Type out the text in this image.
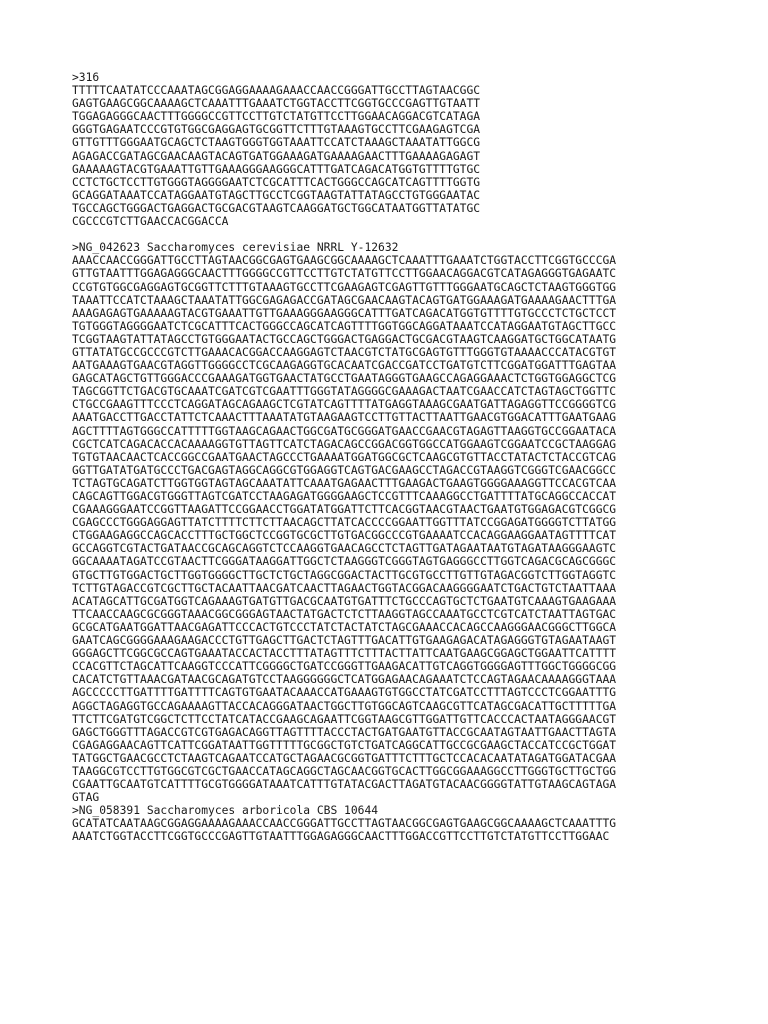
>316
TTTTTCAATATCCCAAATAGCGGAGGAAAAGAAACCAACCGGGATTGCCTTAGTAACGGC
GAGTGAAGCGGCAAAAGCTCAAATTTGAAATCTGGTACCTTCGGTGCCCGAGTTGTAATT
TGGAGAGGGCAACTTTGGGGCCGTTCCTTGTCTATGTTCCTTGGAACAGGACGTCATAGA
GGGTGAGAATCCCGTGTGGCGAGGAGTGCGGTTCTTTGTAAAGTGCCTTCGAAGAGTCGA
GTTGTTTGGGAATGCAGCTCTAAGTGGGTGGTAAATTCCATCTAAAGCTAAATATTGGCG
AGAGACCGATAGCGAACAAGTACAGTGATGGAAAGATGAAAAGAACTTTGAAAAGAGAGT
GAAAAAGTACGTGAAATTGTTGAAAGGGAAGGGCATTTGATCAGACATGGTGTTTTGTGC
CCTCTGCTCCTTGTGGGTAGGGGAATCTCGCATTTCACTGGGCCAGCATCAGTTTTGGTG
GCAGGATAAATCCATAGGAATGTAGCTTGCCTCGGTAAGTATTATAGCCTGTGGGAATAC
TGCCAGCTGGGACTGAGGACTGCGACGTAAGTCAAGGATGCTGGCATAATGGTTATATGC
CGCCCGTCTTGAACCACGGACCA
>NG_042623 Saccharomyces cerevisiae NRRL Y-12632
AAACCAACCGGGATTGCCTTAGTAACGGCGAGTGAAGCGGCAAAAGCTCAAATTTGAAATCTGGTACCTTCGGTGCCCGA
GTTGTAATTTGGAGAGGGCAACTTTGGGGCCGTTCCTTGTCTATGTTCCTTGGAACAGGACGTCATAGAGGGTGAGAATC
CCGTGTGGCGAGGAGTGCGGTTCTTTGTAAAGTGCCTTCGAAGAGTCGAGTTGTTTGGGAATGCAGCTCTAAGTGGGTGG
TAAATTCCATCTAAAGCTAAATATTGGCGAGAGACCGATAGCGAACAAGTACAGTGATGGAAAGATGAAAAGAACTTTGA
AAAGAGAGTGAAAAAGTACGTGAAATTGTTGAAAGGGAAGGGCATTTGATCAGACATGGTGTTTTGTGCCCTCTGCTCCT
TGTGGGTAGGGGAATCTCGCATTTCACTGGGCCAGCATCAGTTTTGGTGGCAGGATAAATCCATAGGAATGTAGCTTGCC
TCGGTAAGTATTATAGCCTGTGGGAATACTGCCAGCTGGGACTGAGGACTGCGACGTAAGTCAAGGATGCTGGCATAATG
GTTATATGCCGCCCGTCTTGAAACACGGACCAAGGAGTCTAACGTCTATGCGAGTGTTTGGGTGTAAAACCCATACGTGT
AATGAAAGTGAACGTAGGTTGGGGCCTCGCAAGAGGTGCACAATCGACCGATCCTGATGTCTTCGGATGGATTTGAGTAA
GAGCATAGCTGTTGGGACCCGAAAGATGGTGAACTATGCCTGAATAGGGTGAAGCCAGAGGAAACTCTGGTGGAGGCTCG
TAGCGGTTCTGACGTGCAAATCGATCGTCGAATTTGGGTATAGGGGCGAAAGACTAATCGAACCATCTAGTAGCTGGTTC
CTGCCGAAGTTTCCCTCAGGATAGCAGAAGCTCGTATCAGTTTTATGAGGTAAAGCGAATGATTAGAGGTTCCGGGGTCG
AAATGACCTTGACCTATTCTCAAACTTTAAATATGTAAGAAGTCCTTGTTACTTAATTGAACGTGGACATTTGAATGAAG
AGCTTTTAGTGGGCCATTTTTGGTAAGCAGAACTGGCGATGCGGGATGAACCGAACGTAGAGTTAAGGTGCCGGAATACA
CGCTCATCAGACACCACAAAAGGTGTTAGTTCATCTAGACAGCCGGACGGTGGCCATGGAAGTCGGAATCCGCTAAGGAG
TGTGTAACAACTCACCGGCCGAATGAACTAGCCCTGAAAATGGATGGCGCTCAAGCGTGTTACCTATACTCTACCGTCAG
GGTTGATATGATGCCCTGACGAGTAGGCAGGCGTGGAGGTCAGTGACGAAGCCTAGACCGTAAGGTCGGGTCGAACGGCC
TCTAGTGCAGATCTTGGTGGTAGTAGCAAATATTCAAATGAGAACTTTGAAGACTGAAGTGGGGAAAGGTTCCACGTCAA
CAGCAGTTGGACGTGGGTTAGTCGATCCTAAGAGATGGGGAAGCTCCGTTTCAAAGGCCTGATTTTATGCAGGCCACCAT
CGAAAGGGAATCCGGTTAAGATTCCGGAACCTGGATATGGATTCTTCACGGTAACGTAACTGAATGTGGAGACGTCGGCG
CGAGCCCTGGGAGGAGTTATCTTTTCTTCTTAACAGCTTATCACCCCGGAATTGGTTTATCCGGAGATGGGGTCTTATGG
CTGGAAGAGGCCAGCACCTTTGCTGGCTCCGGTGCGCTTGTGACGGCCCGTGAAAATCCACAGGAAGGAATAGTTTTCAT
GCCAGGTCGTACTGATAACCGCAGCAGGTCTCCAAGGTGAACAGCCTCTAGTTGATAGAATAATGTAGATAAGGGAAGTC
GGCAAAATAGATCCGTAACTTCGGGATAAGGATTGGCTCTAAGGGTCGGGTAGTGAGGGCCTTGGTCAGACGCAGCGGGC
GTGCTTGTGGACTGCTTGGTGGGGCTTGCTCTGCTAGGCGGACTACTTGCGTGCCTTGTTGTAGACGGTCTTGGTAGGTC
TCTTGTAGACCGTCGCTTGCTACAATTAACGATCAACTTAGAACTGGTACGGACAAGGGGAATCTGACTGTCTAATTAAA
ACATAGCATTGCGATGGTCAGAAAGTGATGTTGACGCAATGTGATTTCTGCCCAGTGCTCTGAATGTCAAAGTGAAGAAA
TTCAACCAAGCGCGGGTAAACGGCGGGAGTAACTATGACTCTCTTAAGGTAGCCAAATGCCTCGTCATCTAATTAGTGAC
GCGCATGAATGGATTAACGAGATTCCCACTGTCCCTATCTACTATCTAGCGAAACCACAGCCAAGGGAACGGGCTTGGCA
GAATCAGCGGGGAAAGAAGACCCTGTTGAGCTTGACTCTAGTTTGACATTGTGAAGAGACATAGAGGGTGTAGAATAAGT
GGGAGCTTCGGCGCCAGTGAAATACCACTACCTTTATAGTTTCTTTACTTATTCAATGAAGCGGAGCTGGAATTCATTTT
CCACGTTCTAGCATTCAAGGTCCCATTCGGGGCTGATCCGGGTTGAAGACATTGTCAGGTGGGGAGTTTGGCTGGGGCGG
CACATCTGTTAAACGATAACGCAGATGTCCTAAGGGGGGCTCATGGAGAACAGAAATCTCCAGTAGAACAAAAGGGTAAA
AGCCCCCTTGATTTTGATTTTCAGTGTGAATACAAACCATGAAAGTGTGGCCTATCGATCCTTTAGTCCCTCGGAATTTG
AGGCTAGAGGTGCCAGAAAAGTTACCACAGGGATAACTGGCTTGTGGCAGTCAAGCGTTCATAGCGACATTGCTTTTTGA
TTCTTCGATGTCGGCTCTTCCTATCATACCGAAGCAGAATTCGGTAAGCGTTGGATTGTTCACCCACTAATAGGGAACGT
GAGCTGGGTTTAGACCGTCGTGAGACAGGTTAGTTTTACCCTACTGATGAATGTTACCGCAATAGTAATTGAACTTAGTA
CGAGAGGAACAGTTCATTCGGATAATTGGTTTTTGCGGCTGTCTGATCAGGCATTGCCGCGAAGCTACCATCCGCTGGAT
TATGGCTGAACGCCTCTAAGTCAGAATCCATGCTAGAACGCGGTGATTTCTTTGCTCCACACAATATAGATGGATACGAA
TAAGGCGTCCTTGTGGCGTCGCTGAACCATAGCAGGCTAGCAACGGTGCACTTGGCGGAAAGGCCTTGGGTGCTTGCTGG
CGAATTGCAATGTCATTTTGCGTGGGGATAAATCATTTGTATACGACTTAGATGTACAACGGGGTATTGTAAGCAGTAGA
GTAG
>NG_058391 Saccharomyces arboricola CBS 10644
GCATATCAATAAGCGGAGGAAAAGAAACCAACCGGGATTGCCTTAGTAACGGCGAGTGAAGCGGCAAAAGCTCAAATTTG
AAATCTGGTACCTTCGGTGCCCGAGTTGTAATTTGGAGAGGGCAACTTTGGACCGTTCCTTGTCTATGTTCCTTGGAAC
